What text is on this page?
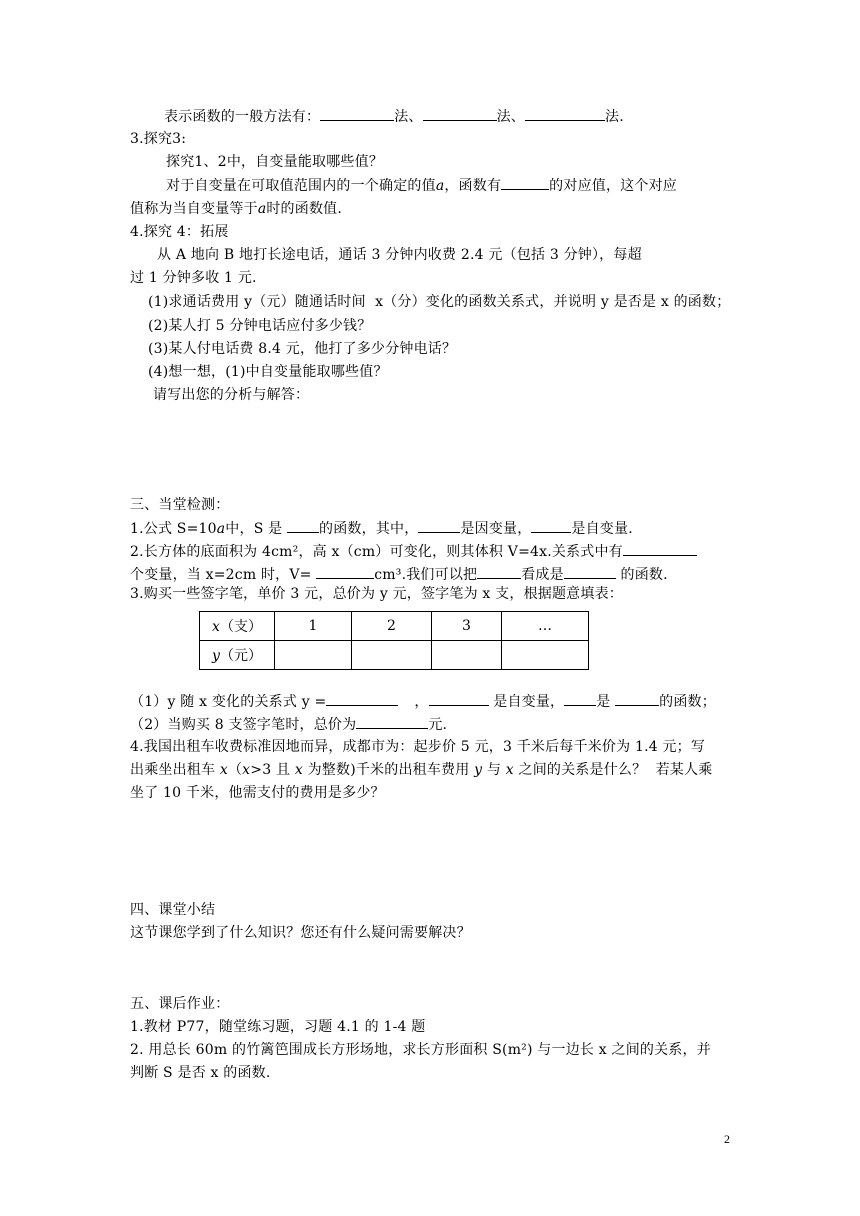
表示函数的一般方法有：	法、	法、	法.
3.探究3:
探究1、2中，自变量能取哪些值？
对于自变量在可取值范围内的一个确定的值a，函数有	的对应值，这个对应
值称为当自变量等于a时的函数值.
4.探究 4：拓展
从 A 地向 B 地打长途电话，通话 3 分钟内收费 2.4 元（包括 3 分钟），每超
过 1 分钟多收 1 元.
(1)求通话费用 y（元）随通话时间  x（分）变化的函数关系式，并说明 y 是否是 x 的函数；
(2)某人打 5 分钟电话应付多少钱？
(3)某人付电话费 8.4 元，他打了多少分钟电话？
(4)想一想，(1)中自变量能取哪些值？
请写出您的分析与解答：
三、当堂检测：
1.公式 S=10a中，S 是 的函数，其中，	是因变量，	是自变量.
2.长方体的底面积为 4cm²，高 x（cm）可变化，则其体积 V=4x.关系式中有
个变量，当 x=2cm 时，V=	cm³.我们可以把	看成是	的函数.
3.购买一些签字笔，单价 3 元，总价为 y 元，签字笔为 x 支，根据题意填表：
x（支）	1	2	3	…
y（元）				
（1）y 随 x 变化的关系式 y =	，	是自变量， 是	的函数；
（2）当购买 8 支签字笔时，总价为	元.
4.我国出租车收费标准因地而异，成都市为：起步价 5 元，3 千米后每千米价为 1.4 元；写
出乘坐出租车 x（x>3 且 x 为整数)千米的出租车费用 y 与 x 之间的关系是什么？  若某人乘
坐了 10 千米，他需支付的费用是多少？
四、课堂小结
这节课您学到了什么知识？您还有什么疑问需要解决？
五、课后作业：
1.教材 P77，随堂练习题，习题 4.1 的 1-4 题
2. 用总长 60m 的竹篱笆围成长方形场地，求长方形面积 S(m²) 与一边长 x 之间的关系，并
判断 S 是否 x 的函数.
2
